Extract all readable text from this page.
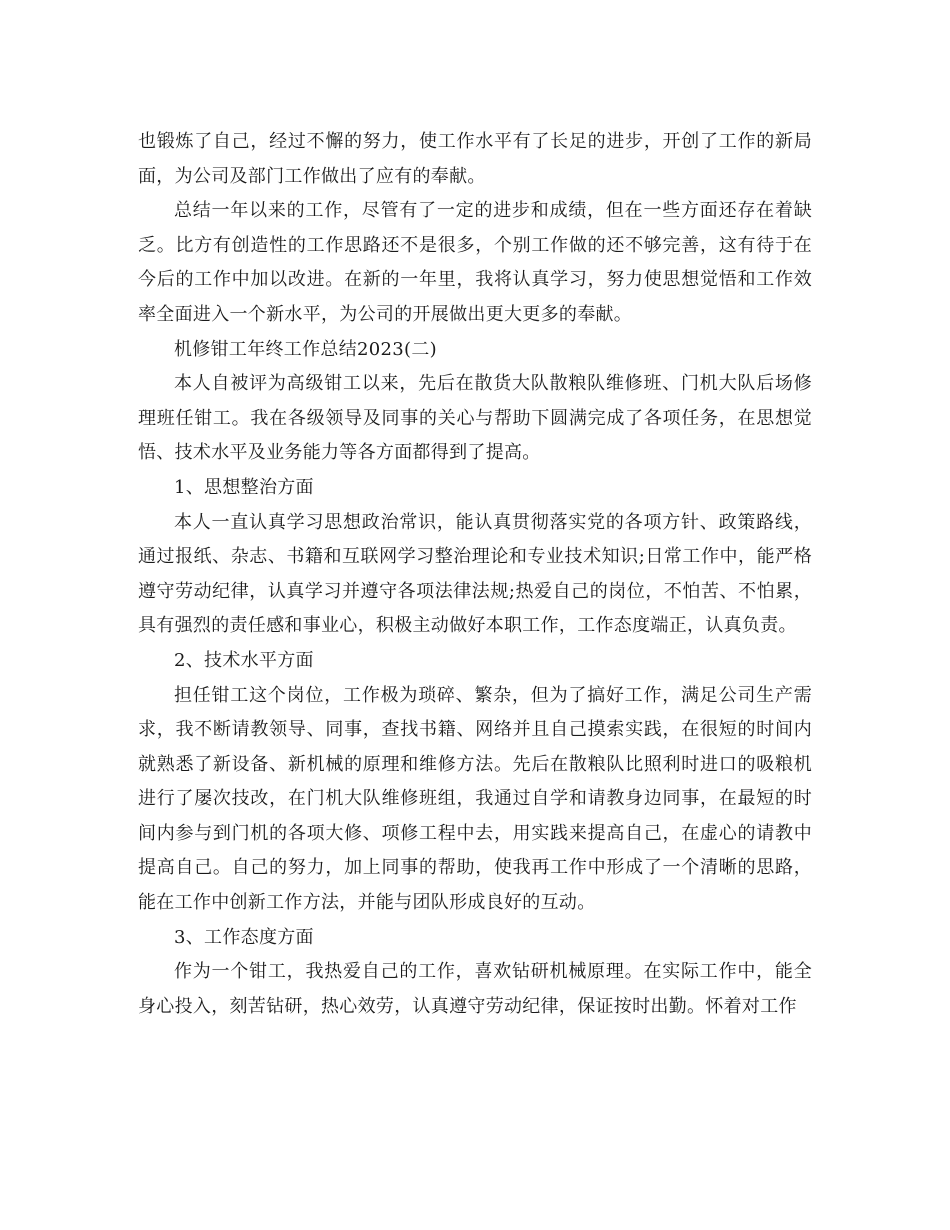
也锻炼了自己，经过不懈的努力，使工作水平有了长足的进步，开创了工作的新局面，为公司及部门工作做出了应有的奉献。

总结一年以来的工作，尽管有了一定的进步和成绩，但在一些方面还存在着缺乏。比方有创造性的工作思路还不是很多，个别工作做的还不够完善，这有待于在今后的工作中加以改进。在新的一年里，我将认真学习，努力使思想觉悟和工作效率全面进入一个新水平，为公司的开展做出更大更多的奉献。

机修钳工年终工作总结2023(二)

本人自被评为高级钳工以来，先后在散货大队散粮队维修班、门机大队后场修理班任钳工。我在各级领导及同事的关心与帮助下圆满完成了各项任务，在思想觉悟、技术水平及业务能力等各方面都得到了提高。

1、思想整治方面

本人一直认真学习思想政治常识，能认真贯彻落实党的各项方针、政策路线，通过报纸、杂志、书籍和互联网学习整治理论和专业技术知识;日常工作中，能严格遵守劳动纪律，认真学习并遵守各项法律法规;热爱自己的岗位，不怕苦、不怕累，具有强烈的责任感和事业心，积极主动做好本职工作，工作态度端正，认真负责。

2、技术水平方面

担任钳工这个岗位，工作极为琐碎、繁杂，但为了搞好工作，满足公司生产需求，我不断请教领导、同事，查找书籍、网络并且自己摸索实践，在很短的时间内就熟悉了新设备、新机械的原理和维修方法。先后在散粮队比照利时进口的吸粮机进行了屡次技改，在门机大队维修班组，我通过自学和请教身边同事，在最短的时间内参与到门机的各项大修、项修工程中去，用实践来提高自己，在虚心的请教中提高自己。自己的努力，加上同事的帮助，使我再工作中形成了一个清晰的思路，能在工作中创新工作方法，并能与团队形成良好的互动。

3、工作态度方面

作为一个钳工，我热爱自己的工作，喜欢钻研机械原理。在实际工作中，能全身心投入，刻苦钻研，热心效劳，认真遵守劳动纪律，保证按时出勤。怀着对工作
